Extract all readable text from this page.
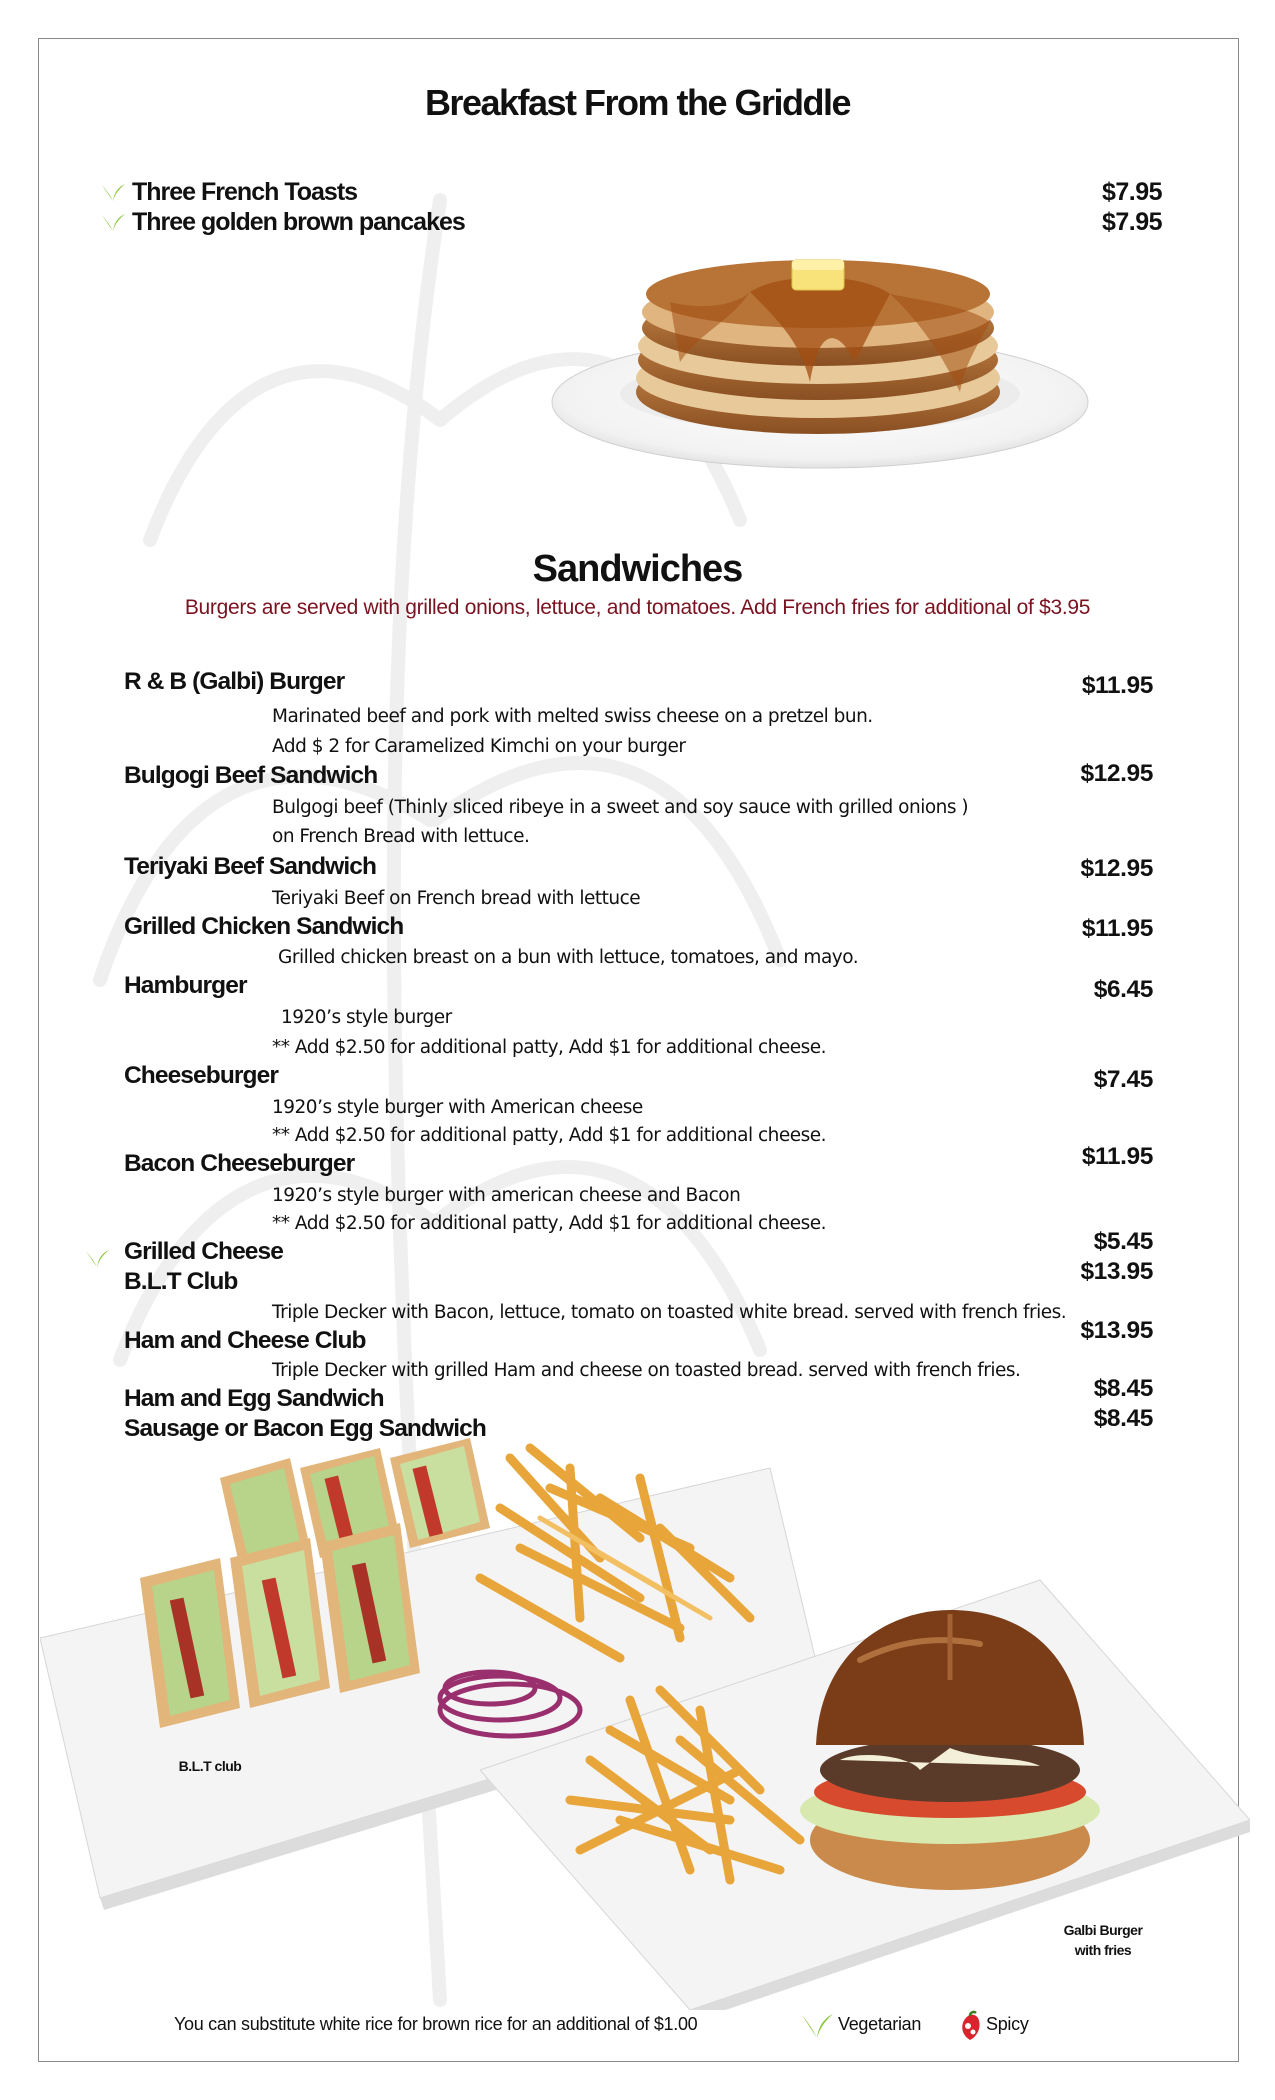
Breakfast From the Griddle
Three French Toasts	$7.95
Three golden brown pancakes	$7.95
Sandwiches
Burgers are served with grilled onions, lettuce, and tomatoes. Add French fries for additional of $3.95
R & B (Galbi) Burger	$11.95
Marinated beef and pork with melted swiss cheese on a pretzel bun.
Add $ 2 for Caramelized Kimchi on your burger
Bulgogi Beef Sandwich	$12.95
Bulgogi beef (Thinly sliced ribeye in a sweet and soy sauce with grilled onions )
on French Bread with lettuce.
Teriyaki Beef Sandwich	$12.95
Teriyaki Beef on French bread with lettuce
Grilled Chicken Sandwich	$11.95
Grilled chicken breast on a bun with lettuce, tomatoes, and mayo.
Hamburger	$6.45
1920’s style burger
** Add $2.50 for additional patty, Add $1 for additional cheese.
Cheeseburger	$7.45
1920’s style burger with American cheese
** Add $2.50 for additional patty, Add $1 for additional cheese.
Bacon Cheeseburger	$11.95
1920’s style burger with american cheese and Bacon
** Add $2.50 for additional patty, Add $1 for additional cheese.
Grilled Cheese	$5.45
B.L.T Club	$13.95
Triple Decker with Bacon, lettuce, tomato on toasted white bread. served with french fries.
Ham and Cheese Club	$13.95
Triple Decker with grilled Ham and cheese on toasted bread. served with french fries.
Ham and Egg Sandwich	$8.45
Sausage or Bacon Egg Sandwich	$8.45
B.L.T club
Galbi Burger
with fries
You can substitute white rice for brown rice for an additional of $1.00	Vegetarian	Spicy
